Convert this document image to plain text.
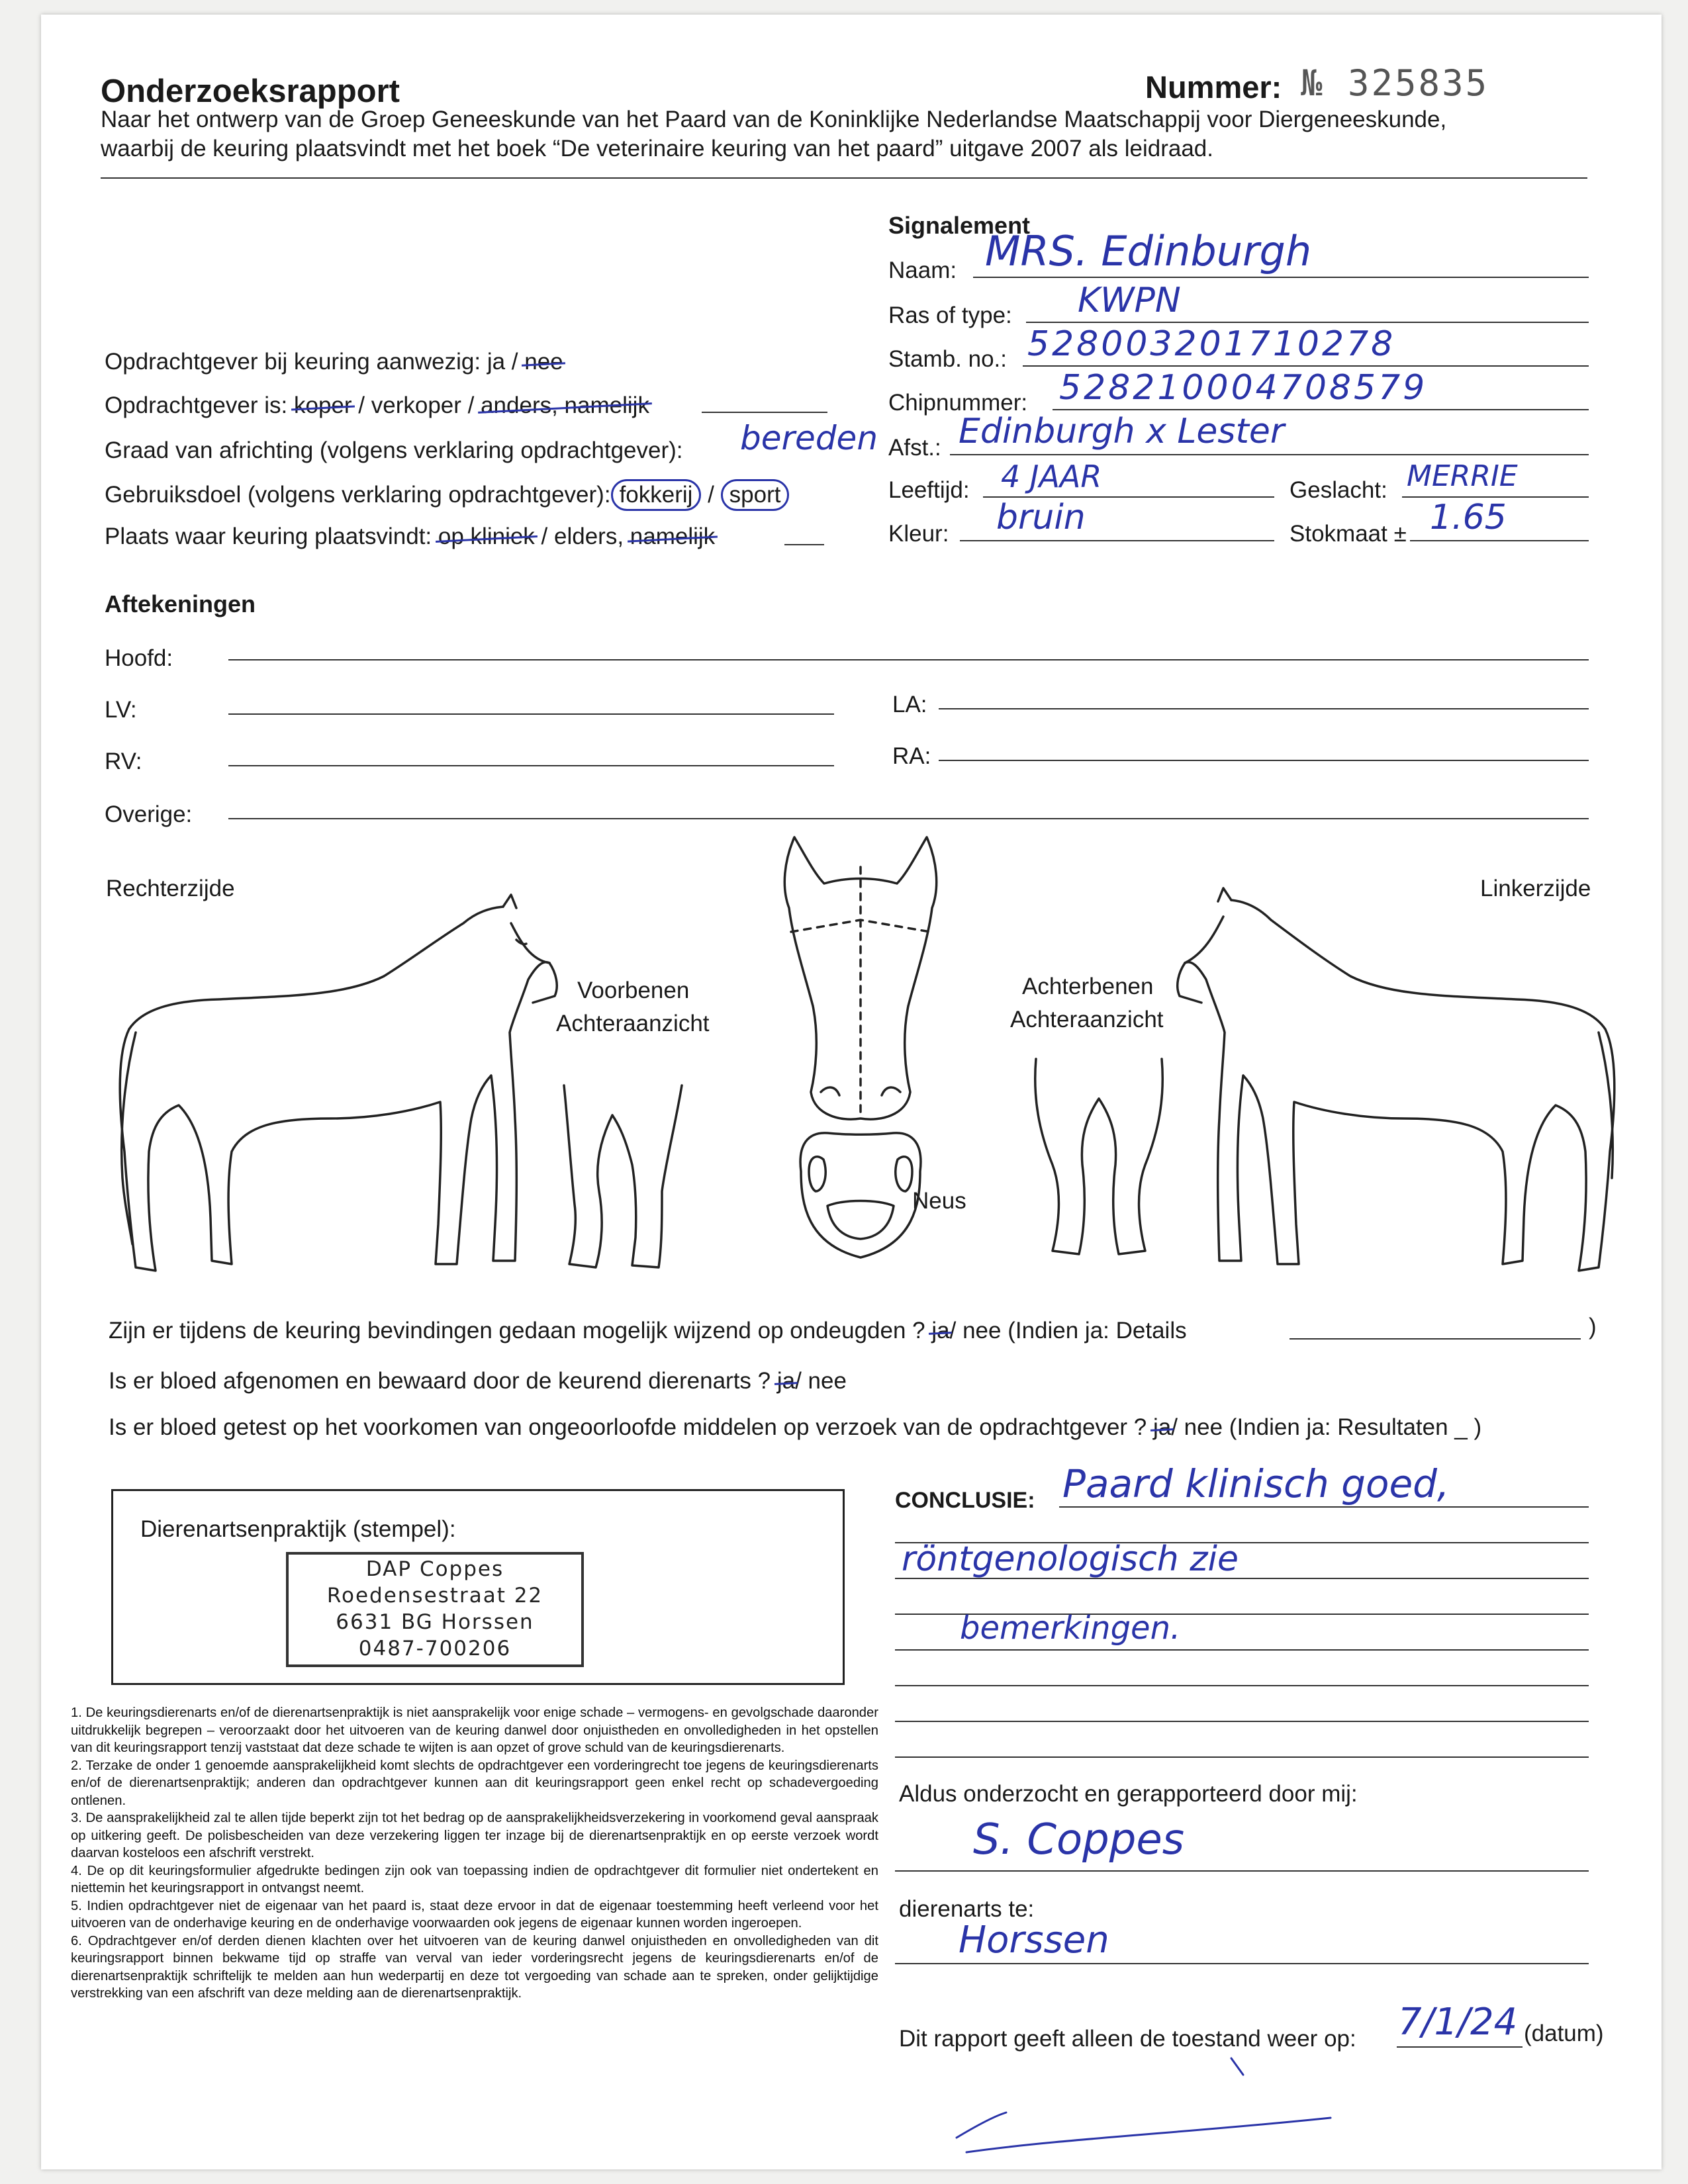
Onderzoeksrapport	Nummer: № 325835
Naar het ontwerp van de Groep Geneeskunde van het Paard van de Koninklijke Nederlandse Maatschappij voor Diergeneeskunde,
waarbij de keuring plaatsvindt met het boek “De veterinaire keuring van het paard” uitgave 2007 als leidraad.
Opdrachtgever bij keuring aanwezig: ja / nee
Opdrachtgever is: koper / verkoper / anders, namelijk
Graad van africhting (volgens verklaring opdrachtgever): bereden
Gebruiksdoel (volgens verklaring opdrachtgever): fokkerij / sport
Plaats waar keuring plaatsvindt: op kliniek / elders, namelijk
Signalement
Naam: MRS. Edinburgh
Ras of type: KWPN
Stamb. no.: 528003201710278
Chipnummer: 528210004708579
Afst.: Edinburgh x Lester
Leeftijd: 4 JAAR	Geslacht: MERRIE
Kleur: bruin	Stokmaat ± 1.65
Aftekeningen
Hoofd:
LV:	LA:
RV:	RA:
Overige:
Rechterzijde	Linkerzijde
Voorbenen
Achteraanzicht
Achterbenen
Achteraanzicht
Neus
Zijn er tijdens de keuring bevindingen gedaan mogelijk wijzend op ondeugden ? ja/ nee (Indien ja: Details	)
Is er bloed afgenomen en bewaard door de keurend dierenarts ? ja/ nee
Is er bloed getest op het voorkomen van ongeoorloofde middelen op verzoek van de opdrachtgever ? ja/ nee (Indien ja: Resultaten _ )
Dierenartsenpraktijk (stempel):
DAP Coppes
Roedensestraat 22
6631 BG Horssen
0487-700206

1. De keuringsdierenarts en/of de dierenartsenpraktijk is niet aansprakelijk voor enige schade – vermogens- en gevolgschade daaronder uitdrukkelijk begrepen – veroorzaakt door het uitvoeren van de keuring danwel door onjuistheden en onvolledigheden in het opstellen van dit keuringsrapport tenzij vaststaat dat deze schade te wijten is aan opzet of grove schuld van de keuringsdierenarts.

2. Terzake de onder 1 genoemde aansprakelijkheid komt slechts de opdrachtgever een vorderingrecht toe jegens de keuringsdierenarts en/of de dierenartsenpraktijk; anderen dan opdrachtgever kunnen aan dit keuringsrapport geen enkel recht op schadevergoeding ontlenen.

3. De aansprakelijkheid zal te allen tijde beperkt zijn tot het bedrag op de aansprakelijkheidsverzekering in voorkomend geval aanspraak op uitkering geeft. De polisbescheiden van deze verzekering liggen ter inzage bij de dierenartsenpraktijk en op eerste verzoek wordt daarvan kosteloos een afschrift verstrekt.

4. De op dit keuringsformulier afgedrukte bedingen zijn ook van toepassing indien de opdrachtgever dit formulier niet ondertekent en niettemin het keuringsrapport in ontvangst neemt.

5. Indien opdrachtgever niet de eigenaar van het paard is, staat deze ervoor in dat de eigenaar toestemming heeft verleend voor het uitvoeren van de onderhavige keuring en de onderhavige voorwaarden ook jegens de eigenaar kunnen worden ingeroepen.

6. Opdrachtgever en/of derden dienen klachten over het uitvoeren van de keuring danwel onjuistheden en onvolledigheden van dit keuringsrapport binnen bekwame tijd op straffe van verval van ieder vorderingsrecht jegens de keuringsdierenarts en/of de dierenartsenpraktijk schriftelijk te melden aan hun wederpartij en deze tot vergoeding van schade aan te spreken, onder gelijktijdige verstrekking van een afschrift van deze melding aan de dierenartsenpraktijk.

CONCLUSIE: Paard klinisch goed,
röntgenologisch zie
bemerkingen.
Aldus onderzocht en gerapporteerd door mij:
S. Coppes
dierenarts te:
Horssen
Dit rapport geeft alleen de toestand weer op: 7/1/24 (datum)
